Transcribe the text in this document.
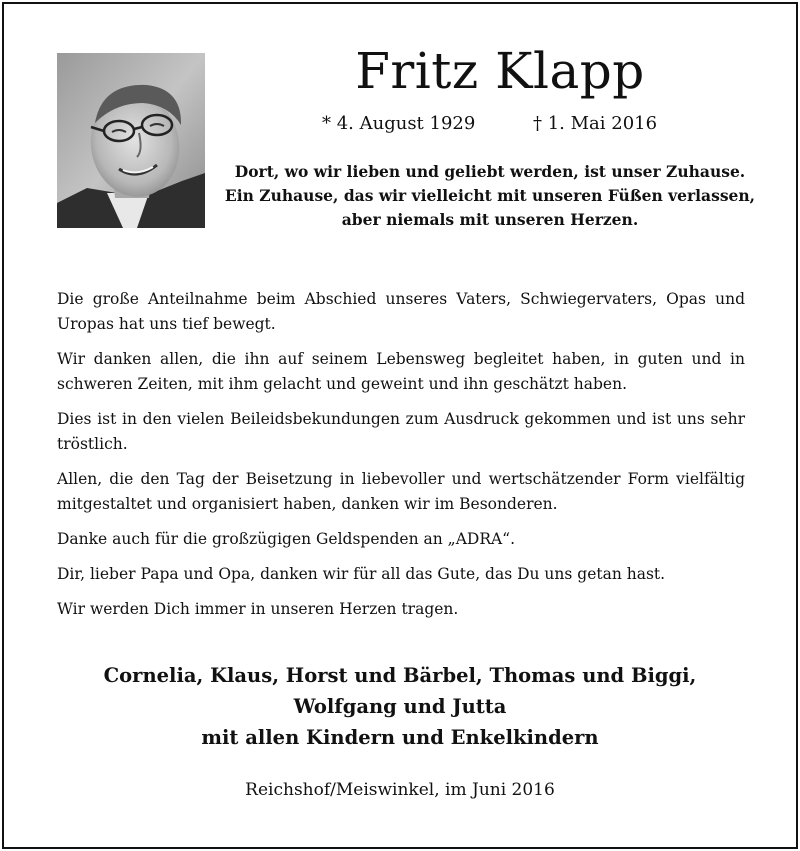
Fritz Klapp
* 4. August 1929	† 1. Mai 2016
Dort, wo wir lieben und geliebt werden, ist unser Zuhause.
Ein Zuhause, das wir vielleicht mit unseren Füßen verlassen,
aber niemals mit unseren Herzen.

Die große Anteilnahme beim Abschied unseres Vaters, Schwiegervaters, Opas und Uropas hat uns tief bewegt.

Wir danken allen, die ihn auf seinem Lebensweg begleitet haben, in guten und in schweren Zeiten, mit ihm gelacht und geweint und ihn geschätzt haben.

Dies ist in den vielen Beileidsbekundungen zum Ausdruck gekommen und ist uns sehr tröstlich.

Allen, die den Tag der Beisetzung in liebevoller und wertschätzender Form vielfältig mitgestaltet und organisiert haben, danken wir im Besonderen.

Danke auch für die großzügigen Geldspenden an „ADRA“.

Dir, lieber Papa und Opa, danken wir für all das Gute, das Du uns getan hast.

Wir werden Dich immer in unseren Herzen tragen.

Cornelia, Klaus, Horst und Bärbel, Thomas und Biggi,
Wolfgang und Jutta
mit allen Kindern und Enkelkindern
Reichshof/Meiswinkel, im Juni 2016
